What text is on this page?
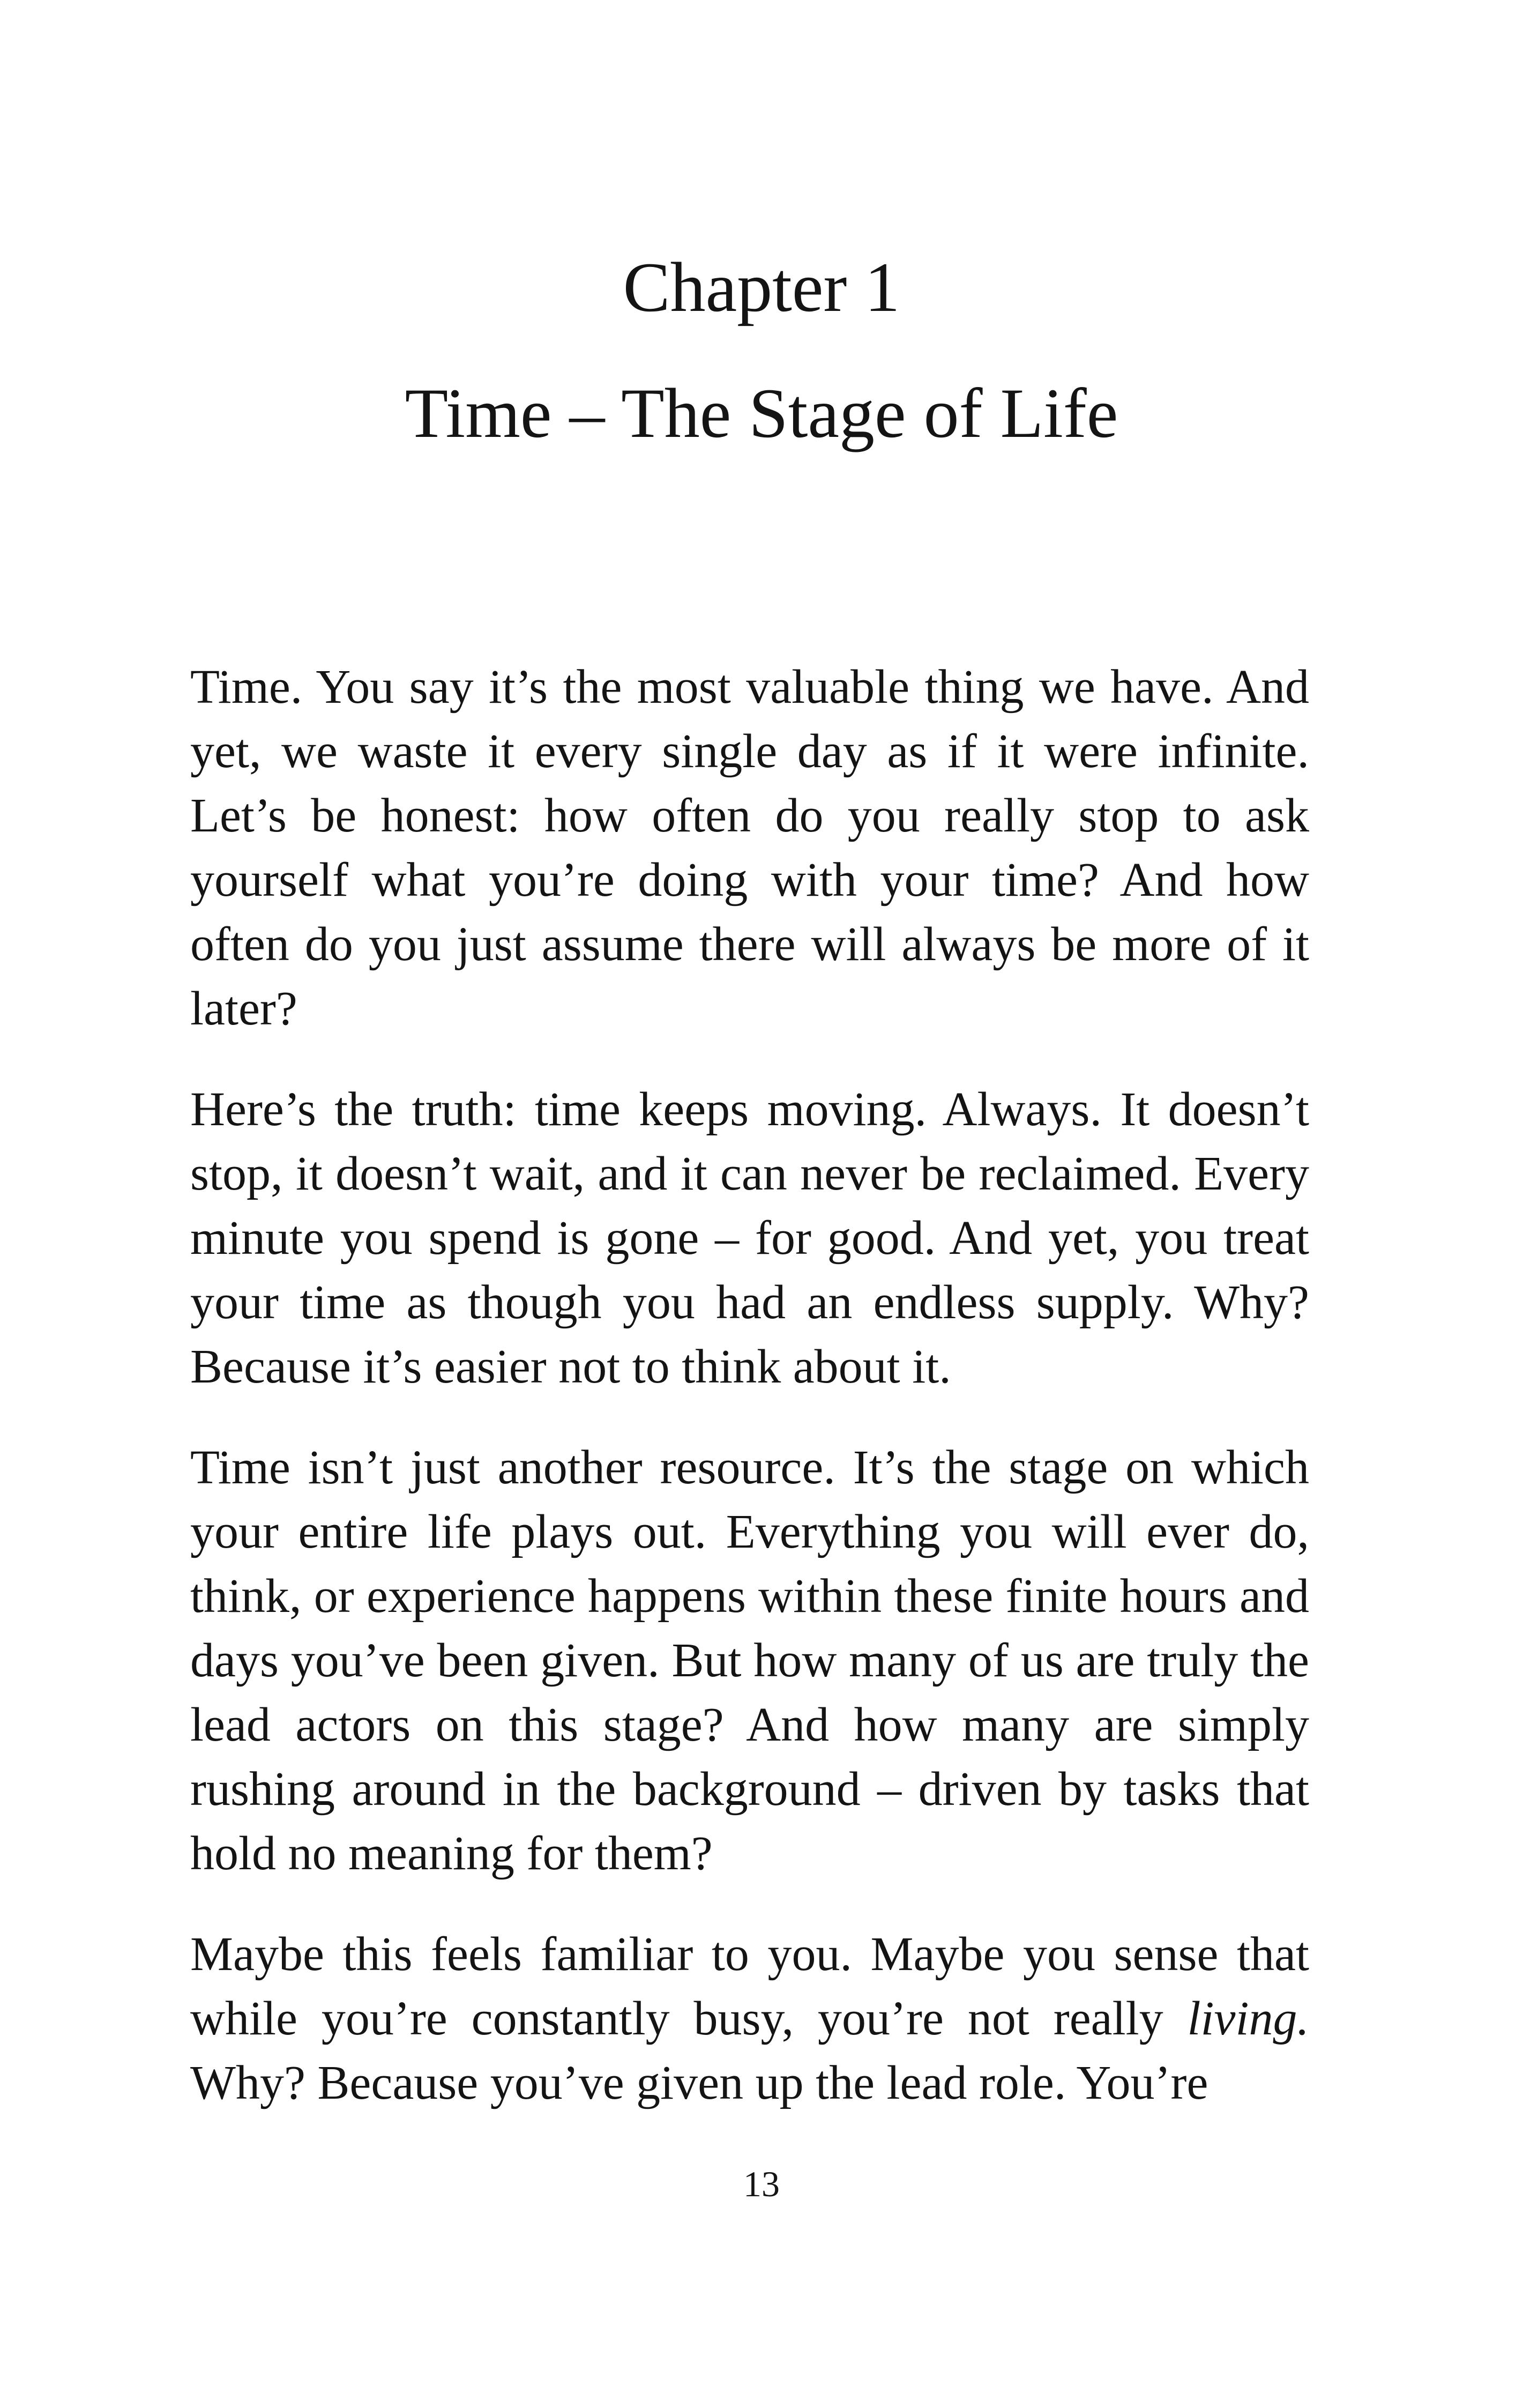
Chapter 1
Time – The Stage of Life

Time. You say it’s the most valuable thing we have. And yet, we waste it every single day as if it were infinite. Let’s be honest: how often do you really stop to ask yourself what you’re doing with your time? And how often do you just assume there will always be more of it later?

Here’s the truth: time keeps moving. Always. It doesn’t stop, it doesn’t wait, and it can never be reclaimed. Every minute you spend is gone – for good. And yet, you treat your time as though you had an endless supply. Why? Because it’s easier not to think about it.

Time isn’t just another resource. It’s the stage on which your entire life plays out. Everything you will ever do, think, or experience happens within these finite hours and days you’ve been given. But how many of us are truly the lead actors on this stage? And how many are simply rushing around in the background – driven by tasks that hold no meaning for them?

Maybe this feels familiar to you. Maybe you sense that while you’re constantly busy, you’re not really living. Why? Because you’ve given up the lead role. You’re

13
